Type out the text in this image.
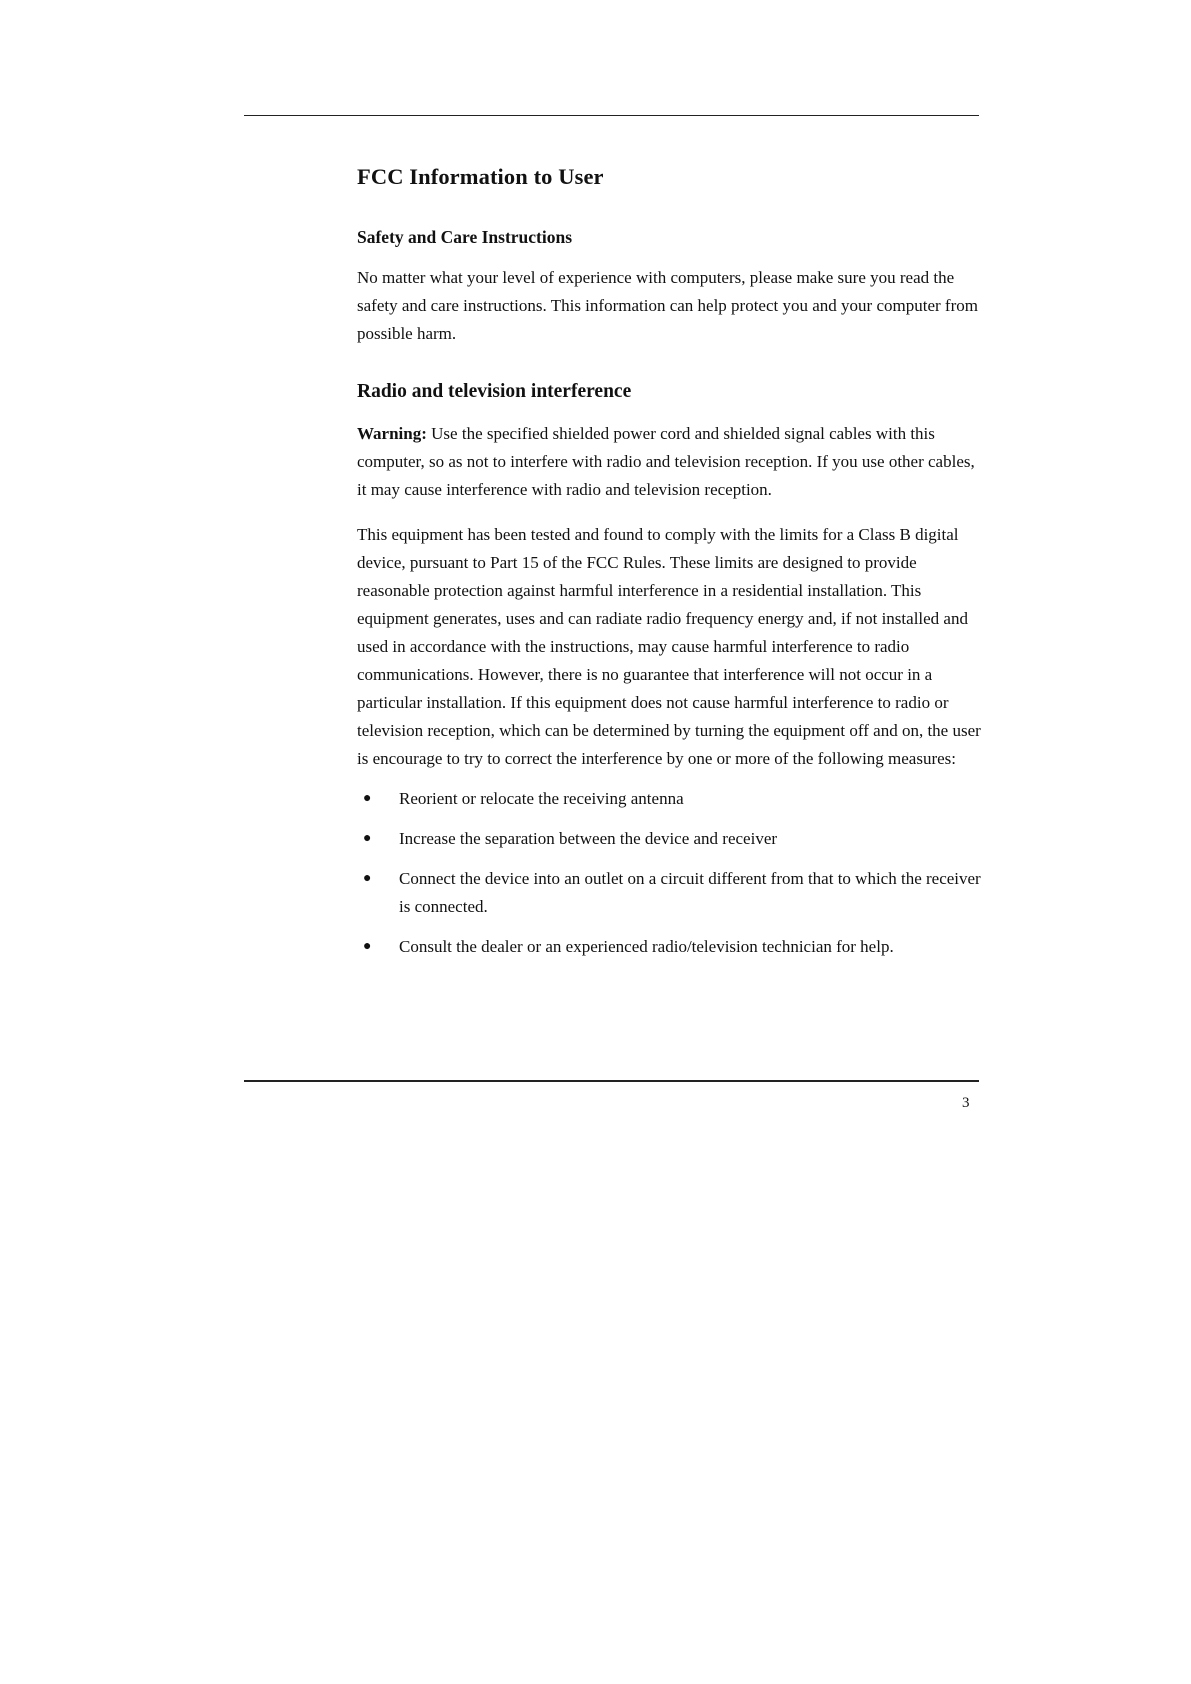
FCC Information to User
Safety and Care Instructions

No matter what your level of experience with computers, please make sure you read the safety and care instructions. This information can help protect you and your computer from possible harm.

Radio and television interference

Warning: Use the specified shielded power cord and shielded signal cables with this computer, so as not to interfere with radio and television reception. If you use other cables, it may cause interference with radio and television reception.

This equipment has been tested and found to comply with the limits for a Class B digital device, pursuant to Part 15 of the FCC Rules. These limits are designed to provide reasonable protection against harmful interference in a residential installation. This equipment generates, uses and can radiate radio frequency energy and, if not installed and used in accordance with the instructions, may cause harmful interference to radio communications. However, there is no guarantee that interference will not occur in a particular installation. If this equipment does not cause harmful interference to radio or television reception, which can be determined by turning the equipment off and on, the user is encourage to try to correct the interference by one or more of the following measures:

● Reorient or relocate the receiving antenna
● Increase the separation between the device and receiver
● Connect the device into an outlet on a circuit different from that to which the receiver is connected.
● Consult the dealer or an experienced radio/television technician for help.
3
